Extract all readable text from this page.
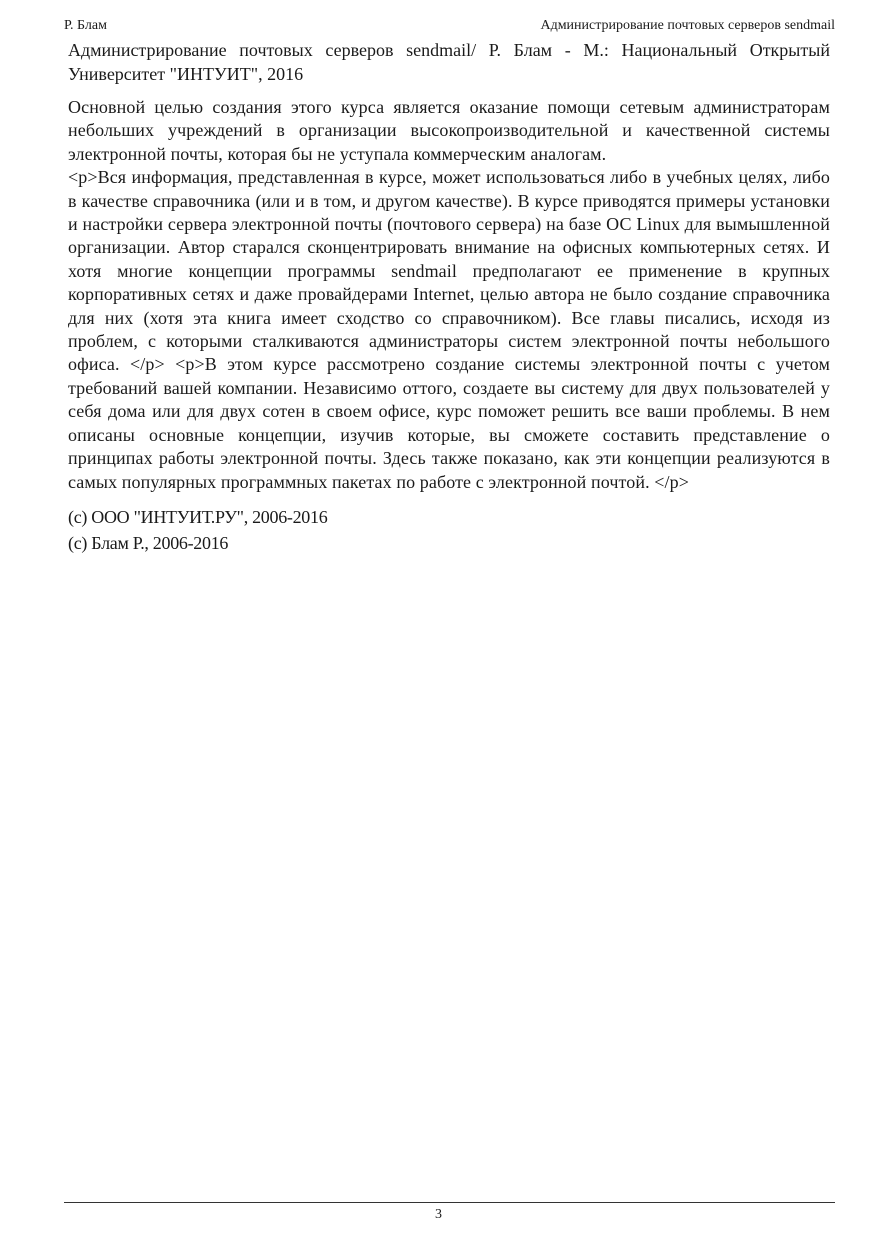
Р. Блам	Администрирование почтовых серверов sendmail
Администрирование почтовых серверов sendmail/ Р. Блам - М.: Национальный Открытый Университет "ИНТУИТ", 2016

Основной целью создания этого курса является оказание помощи сетевым администраторам небольших учреждений в организации высокопроизводительной и качественной системы электронной почты, которая бы не уступала коммерческим аналогам.

<p>Вся информация, представленная в курсе, может использоваться либо в учебных целях, либо в качестве справочника (или и в том, и другом качестве). В курсе приводятся примеры установки и настройки сервера электронной почты (почтового сервера) на базе ОС Linux для вымышленной организации. Автор старался сконцентрировать внимание на офисных компьютерных сетях. И хотя многие концепции программы sendmail предполагают ее применение в крупных корпоративных сетях и даже провайдерами Internet, целью автора не было создание справочника для них (хотя эта книга имеет сходство со справочником). Все главы писались, исходя из проблем, с которыми сталкиваются администраторы систем электронной почты небольшого офиса. </p> <p>В этом курсе рассмотрено создание системы электронной почты с учетом требований вашей компании. Независимо оттого, создаете вы систему для двух пользователей у себя дома или для двух сотен в своем офисе, курс поможет решить все ваши проблемы. В нем описаны основные концепции, изучив которые, вы сможете составить представление о принципах работы электронной почты. Здесь также показано, как эти концепции реализуются в самых популярных программных пакетах по работе с электронной почтой. </p>

(с) ООО "ИНТУИТ.РУ", 2006-2016
(с) Блам Р., 2006-2016
3
